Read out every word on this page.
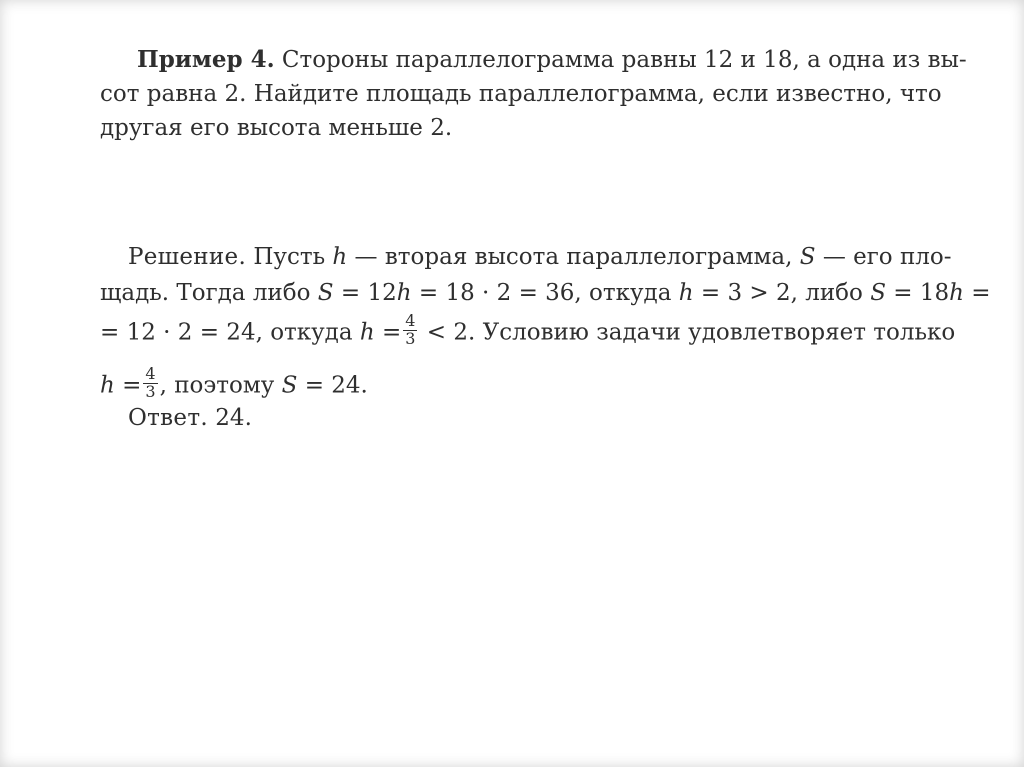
Пример 4. Стороны параллелограмма равны 12 и 18, а одна из вы-
сот равна 2. Найдите площадь параллелограмма, если известно, что
другая его высота меньше 2.
Решение. Пусть h — вторая высота параллелограмма, S — его пло-
щадь. Тогда либо S = 12h = 18 · 2 = 36, откуда h = 3 > 2, либо S = 18h =
= 12 · 2 = 24, откуда $h = \frac{4}{3} < 2$. Условию задачи удовлетворяет только
$h = \frac{4}{3}$ , поэтому S = 24.
Ответ. 24.
